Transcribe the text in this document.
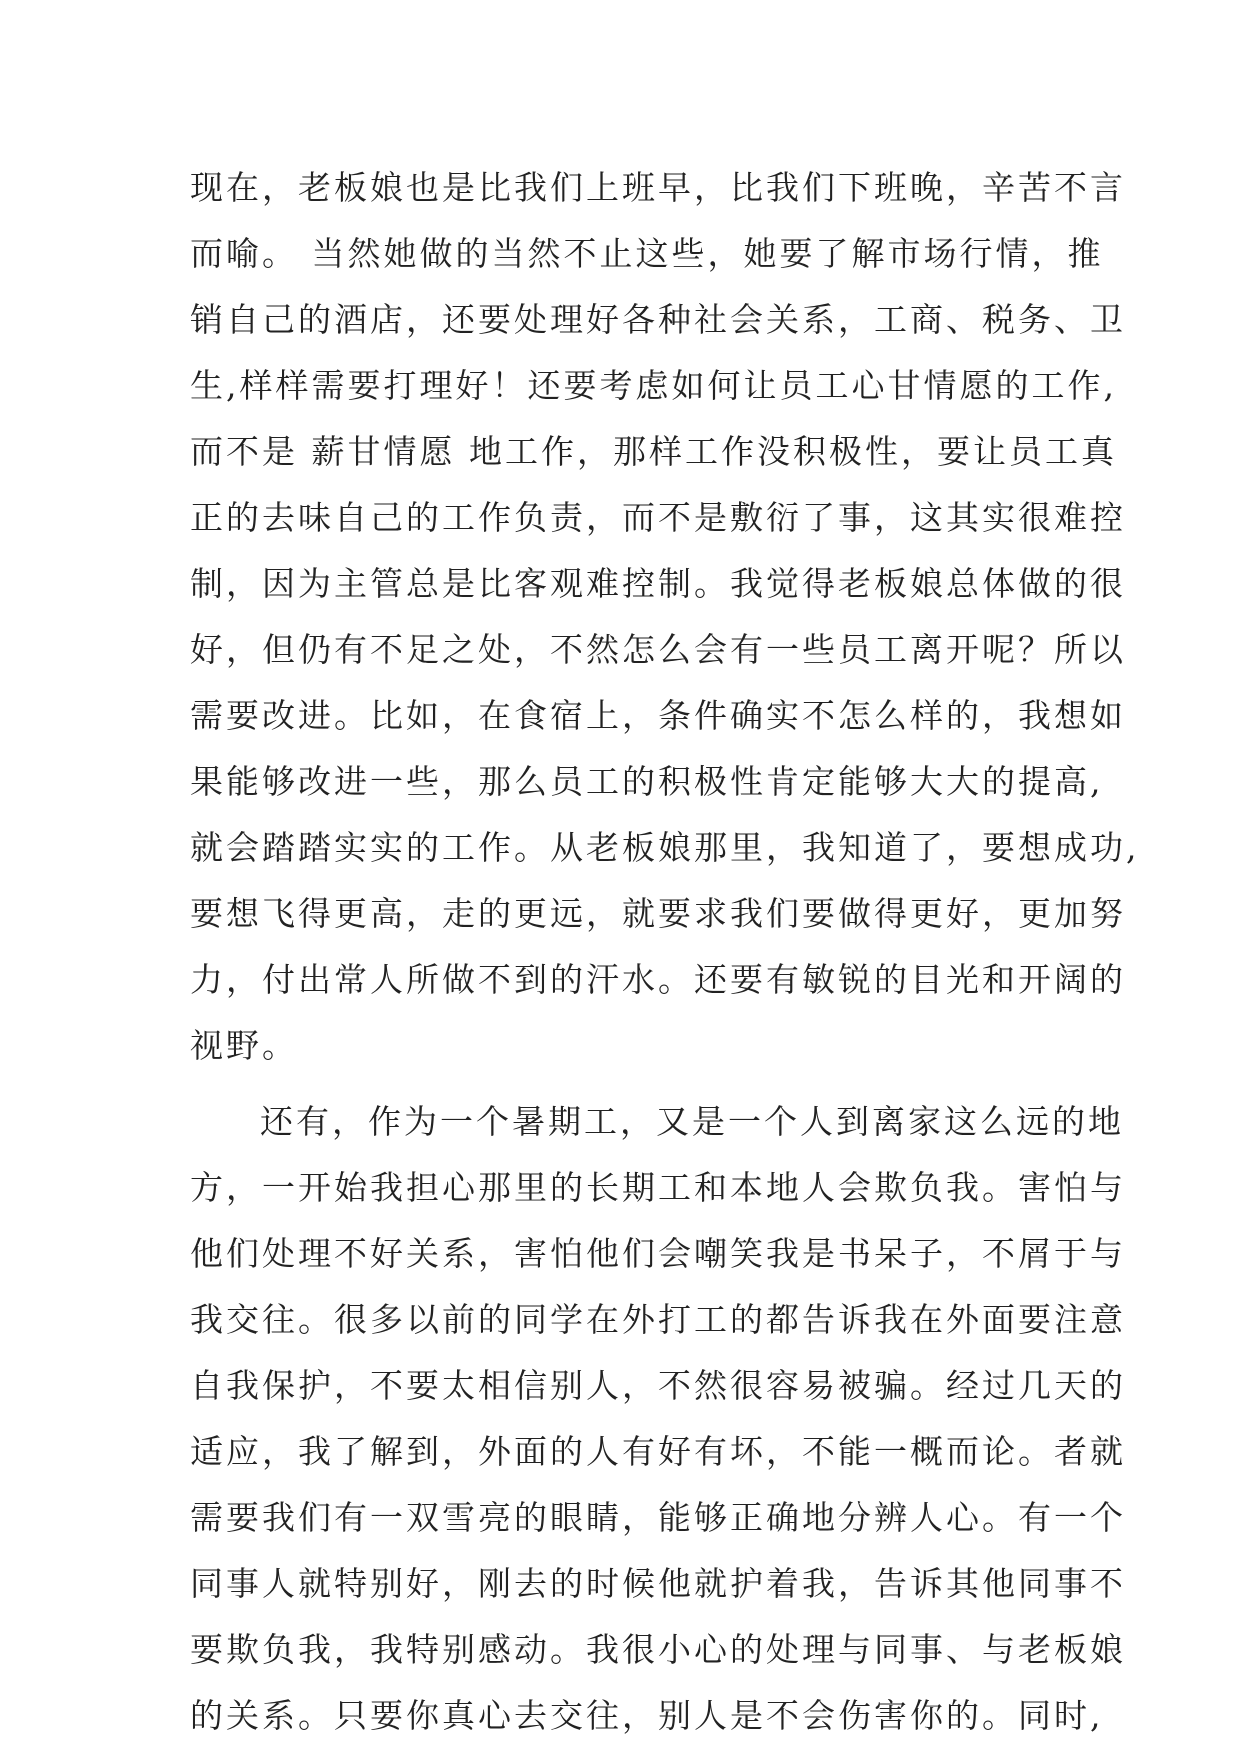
现在，老板娘也是比我们上班早，比我们下班晚，辛苦不言

而喻。 当然她做的当然不止这些，她要了解市场行情，推

销自己的酒店，还要处理好各种社会关系，工商、税务、卫

生,样样需要打理好！还要考虑如何让员工心甘情愿的工作,

而不是 薪甘情愿 地工作，那样工作没积极性，要让员工真

正的去味自己的工作负责，而不是敷衍了事，这其实很难控

制，因为主管总是比客观难控制。我觉得老板娘总体做的很

好，但仍有不足之处，不然怎么会有一些员工离开呢？所以

需要改进。比如，在食宿上，条件确实不怎么样的，我想如

果能够改进一些，那么员工的积极性肯定能够大大的提高,

就会踏踏实实的工作。从老板娘那里，我知道了，要想成功,

要想飞得更高，走的更远，就要求我们要做得更好，更加努

力，付出常人所做不到的汗水。还要有敏锐的目光和开阔的

视野。

还有，作为一个暑期工，又是一个人到离家这么远的地

方，一开始我担心那里的长期工和本地人会欺负我。害怕与

他们处理不好关系，害怕他们会嘲笑我是书呆子，不屑于与

我交往。很多以前的同学在外打工的都告诉我在外面要注意

自我保护，不要太相信别人，不然很容易被骗。经过几天的

适应，我了解到，外面的人有好有坏，不能一概而论。者就

需要我们有一双雪亮的眼睛，能够正确地分辨人心。有一个

同事人就特别好，刚去的时候他就护着我，告诉其他同事不

要欺负我，我特别感动。我很小心的处理与同事、与老板娘

的关系。只要你真心去交往，别人是不会伤害你的。同时,
